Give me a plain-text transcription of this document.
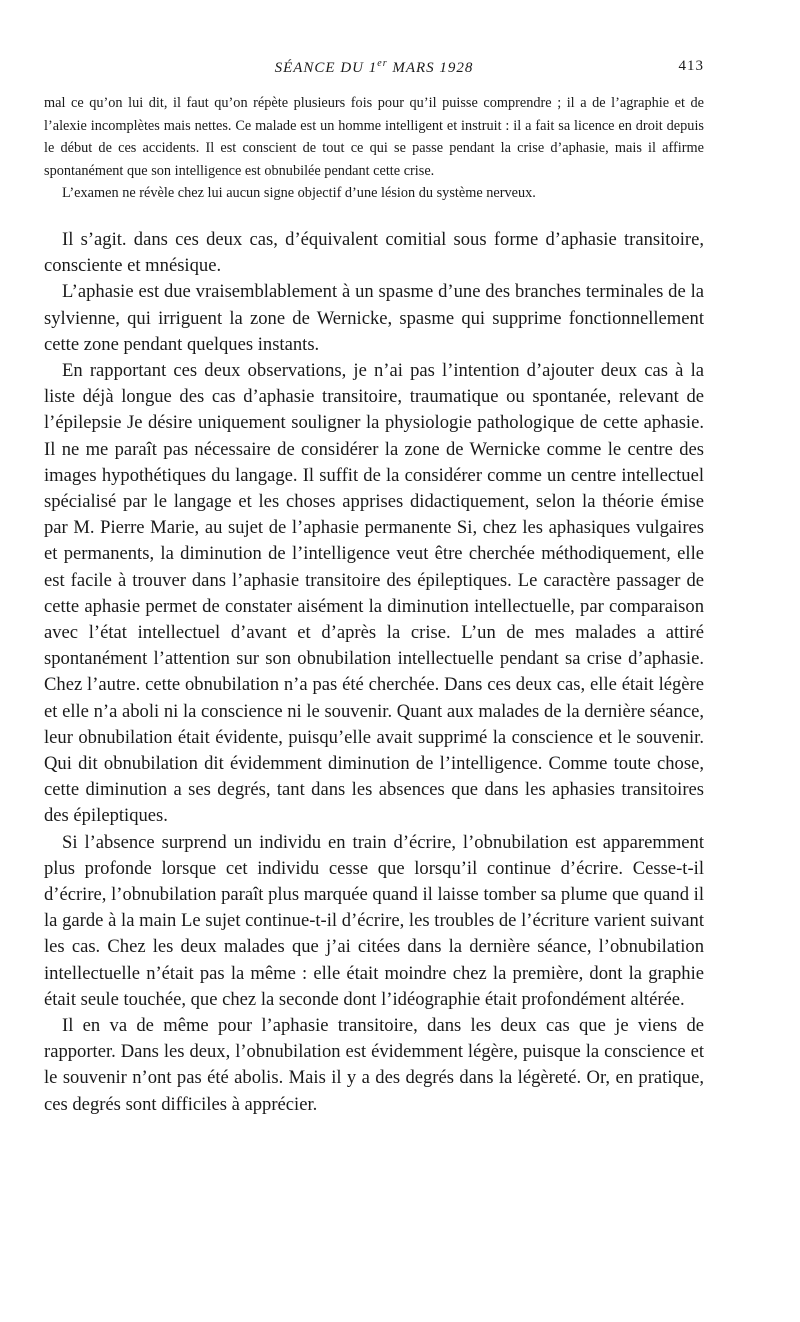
SÉANCE DU 1er MARS 1928	413

mal ce qu’on lui dit, il faut qu’on répète plusieurs fois pour qu’il puisse comprendre ; il a de l’agraphie et de l’alexie incomplètes mais nettes. Ce malade est un homme intelligent et instruit : il a fait sa licence en droit depuis le début de ces accidents. Il est conscient de tout ce qui se passe pendant la crise d’aphasie, mais il affirme spontanément que son intelligence est obnubilée pendant cette crise.

L’examen ne révèle chez lui aucun signe objectif d’une lésion du système nerveux.

Il s’agit. dans ces deux cas, d’équivalent comitial sous forme d’aphasie transitoire, consciente et mnésique.

L’aphasie est due vraisemblablement à un spasme d’une des branches terminales de la sylvienne, qui irriguent la zone de Wernicke, spasme qui supprime fonctionnellement cette zone pendant quelques instants.

En rapportant ces deux observations, je n’ai pas l’intention d’ajouter deux cas à la liste déjà longue des cas d’aphasie transitoire, traumatique ou spontanée, relevant de l’épilepsie Je désire uniquement souligner la physiologie pathologique de cette aphasie. Il ne me paraît pas nécessaire de considérer la zone de Wernicke comme le centre des images hypothétiques du langage. Il suffit de la considérer comme un centre intellectuel spécialisé par le langage et les choses apprises didactiquement, selon la théorie émise par M. Pierre Marie, au sujet de l’aphasie permanente Si, chez les aphasiques vulgaires et permanents, la diminution de l’intelligence veut être cherchée méthodiquement, elle est facile à trouver dans l’aphasie transitoire des épileptiques. Le caractère passager de cette aphasie permet de constater aisément la diminution intellectuelle, par comparaison avec l’état intellectuel d’avant et d’après la crise. L’un de mes malades a attiré spontanément l’attention sur son obnubilation intellectuelle pendant sa crise d’aphasie. Chez l’autre. cette obnubilation n’a pas été cherchée. Dans ces deux cas, elle était légère et elle n’a aboli ni la conscience ni le souvenir. Quant aux malades de la dernière séance, leur obnubilation était évidente, puisqu’elle avait supprimé la conscience et le souvenir. Qui dit obnubilation dit évidemment diminution de l’intelligence. Comme toute chose, cette diminution a ses degrés, tant dans les absences que dans les aphasies transitoires des épileptiques.

Si l’absence surprend un individu en train d’écrire, l’obnubilation est apparemment plus profonde lorsque cet individu cesse que lorsqu’il continue d’écrire. Cesse-t-il d’écrire, l’obnubilation paraît plus marquée quand il laisse tomber sa plume que quand il la garde à la main Le sujet continue-t-il d’écrire, les troubles de l’écriture varient suivant les cas. Chez les deux malades que j’ai citées dans la dernière séance, l’obnubilation intellectuelle n’était pas la même : elle était moindre chez la première, dont la graphie était seule touchée, que chez la seconde dont l’idéographie était profondément altérée.

Il en va de même pour l’aphasie transitoire, dans les deux cas que je viens de rapporter. Dans les deux, l’obnubilation est évidemment légère, puisque la conscience et le souvenir n’ont pas été abolis. Mais il y a des degrés dans la légèreté. Or, en pratique, ces degrés sont difficiles à apprécier.
